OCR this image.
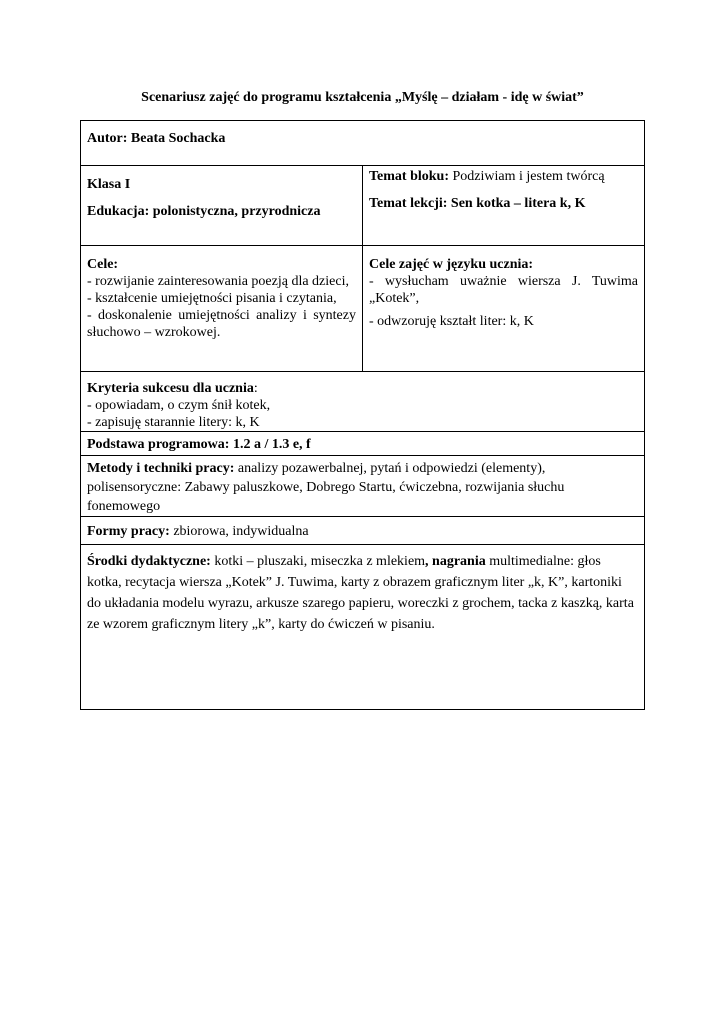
Scenariusz zajęć do programu kształcenia „Myślę – działam - idę w świat”
Autor: Beata Sochacka

Klasa I

Edukacja: polonistyczna, przyrodnicza

Temat bloku: Podziwiam i jestem twórcą

Temat lekcji: Sen kotka – litera k, K

Cele:

- rozwijanie zainteresowania poezją dla dzieci,

- kształcenie umiejętności pisania i czytania,

- doskonalenie umiejętności analizy i syntezy słuchowo – wzrokowej.

Cele zajęć w języku ucznia:

- wysłucham uważnie wiersza J. Tuwima „Kotek”,

- odwzoruję kształt liter: k, K

Kryteria sukcesu dla ucznia:

- opowiadam, o czym śnił kotek,

- zapisuję starannie litery: k, K

Podstawa programowa: 1.2 a / 1.3 e, f
Metody i techniki pracy: analizy pozawerbalnej, pytań i odpowiedzi (elementy), polisensoryczne: Zabawy paluszkowe, Dobrego Startu, ćwiczebna, rozwijania słuchu fonemowego
Formy pracy: zbiorowa, indywidualna
Środki dydaktyczne: kotki – pluszaki, miseczka z mlekiem, nagrania multimedialne: głos kotka, recytacja wiersza „Kotek” J. Tuwima, karty z obrazem graficznym liter „k, K”, kartoniki do układania modelu wyrazu, arkusze szarego papieru, woreczki z grochem, tacka z kaszką, karta ze wzorem graficznym litery „k”, karty do ćwiczeń w pisaniu.
